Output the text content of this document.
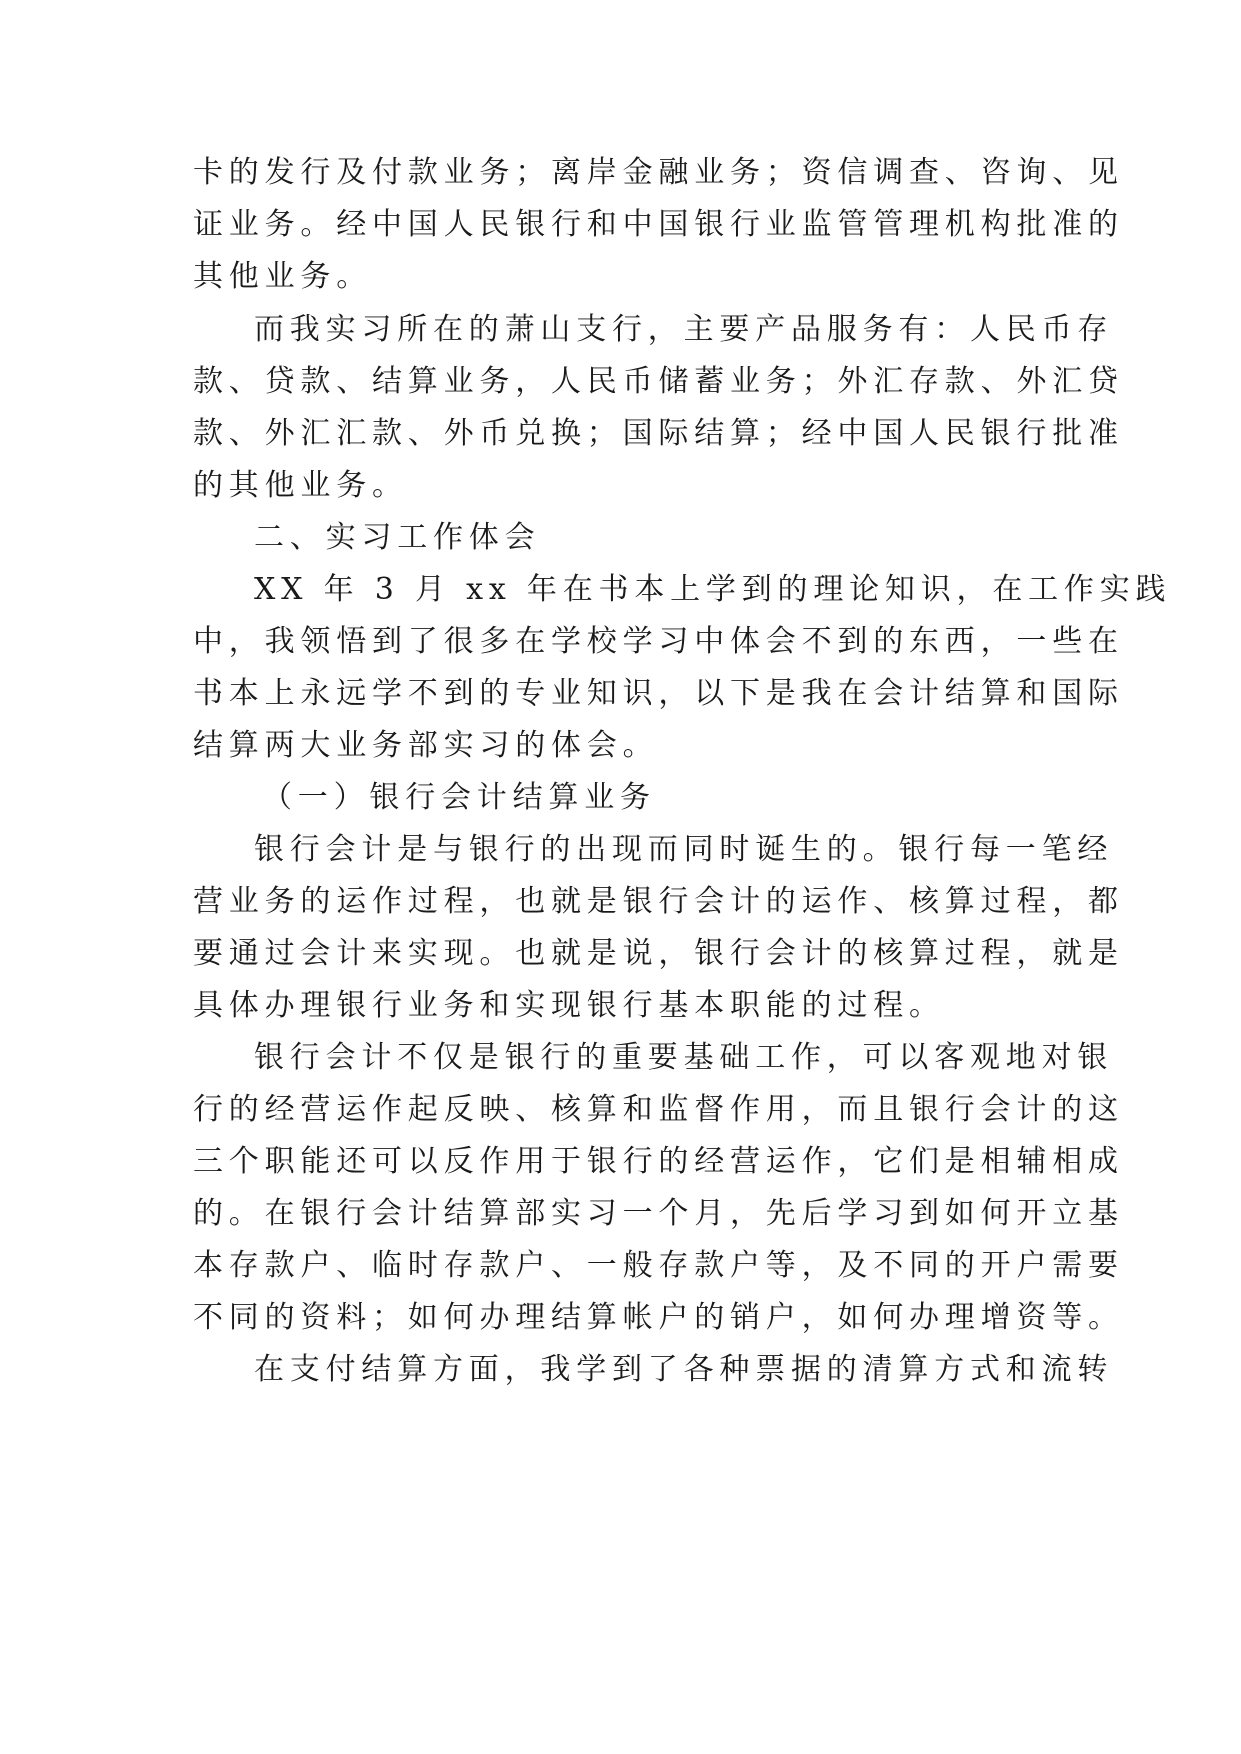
卡的发行及付款业务；离岸金融业务；资信调查、咨询、见
证业务。经中国人民银行和中国银行业监管管理机构批准的
其他业务。
而我实习所在的萧山支行，主要产品服务有：人民币存
款、贷款、结算业务，人民币储蓄业务；外汇存款、外汇贷
款、外汇汇款、外币兑换；国际结算；经中国人民银行批准
的其他业务。
二、实习工作体会
XX 年 3 月 xx 年在书本上学到的理论知识，在工作实践
中，我领悟到了很多在学校学习中体会不到的东西，一些在
书本上永远学不到的专业知识，以下是我在会计结算和国际
结算两大业务部实习的体会。
（一）银行会计结算业务
银行会计是与银行的出现而同时诞生的。银行每一笔经
营业务的运作过程，也就是银行会计的运作、核算过程，都
要通过会计来实现。也就是说，银行会计的核算过程，就是
具体办理银行业务和实现银行基本职能的过程。
银行会计不仅是银行的重要基础工作，可以客观地对银
行的经营运作起反映、核算和监督作用，而且银行会计的这
三个职能还可以反作用于银行的经营运作，它们是相辅相成
的。在银行会计结算部实习一个月，先后学习到如何开立基
本存款户、临时存款户、一般存款户等，及不同的开户需要
不同的资料；如何办理结算帐户的销户，如何办理增资等。
在支付结算方面，我学到了各种票据的清算方式和流转
